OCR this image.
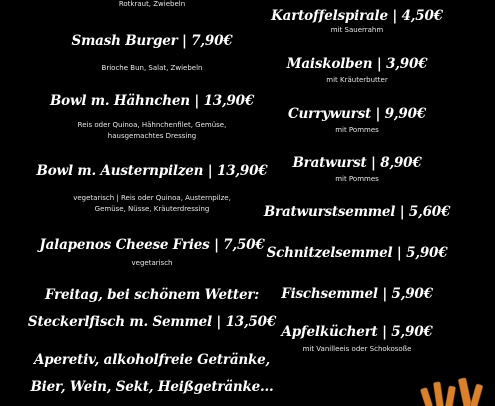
Rotkraut, Zwiebeln
Smash Burger | 7,90€
Brioche Bun, Salat, Zwiebeln
Bowl m. Hähnchen | 13,90€
Reis oder Quinoa, Hähnchenfilet, Gemüse, hausgemachtes Dressing
Bowl m. Austernpilzen | 13,90€
vegetarisch | Reis oder Quinoa, Austernpilze, Gemüse, Nüsse, Kräuterdressing
Jalapenos Cheese Fries | 7,50€
vegetarisch
Freitag, bei schönem Wetter:
Steckerlfisch m. Semmel | 13,50€
Aperetiv, alkoholfreie Getränke,
Bier, Wein, Sekt, Heißgetränke...
Kartoffelspirale | 4,50€
mit Sauerrahm
Maiskolben | 3,90€
mit Kräuterbutter
Currywurst | 9,90€
mit Pommes
Bratwurst | 8,90€
mit Pommes
Bratwurstsemmel | 5,60€
Schnitzelsemmel | 5,90€
Fischsemmel | 5,90€
Apfelküchert | 5,90€
mit Vanilleeis oder Schokosoße
